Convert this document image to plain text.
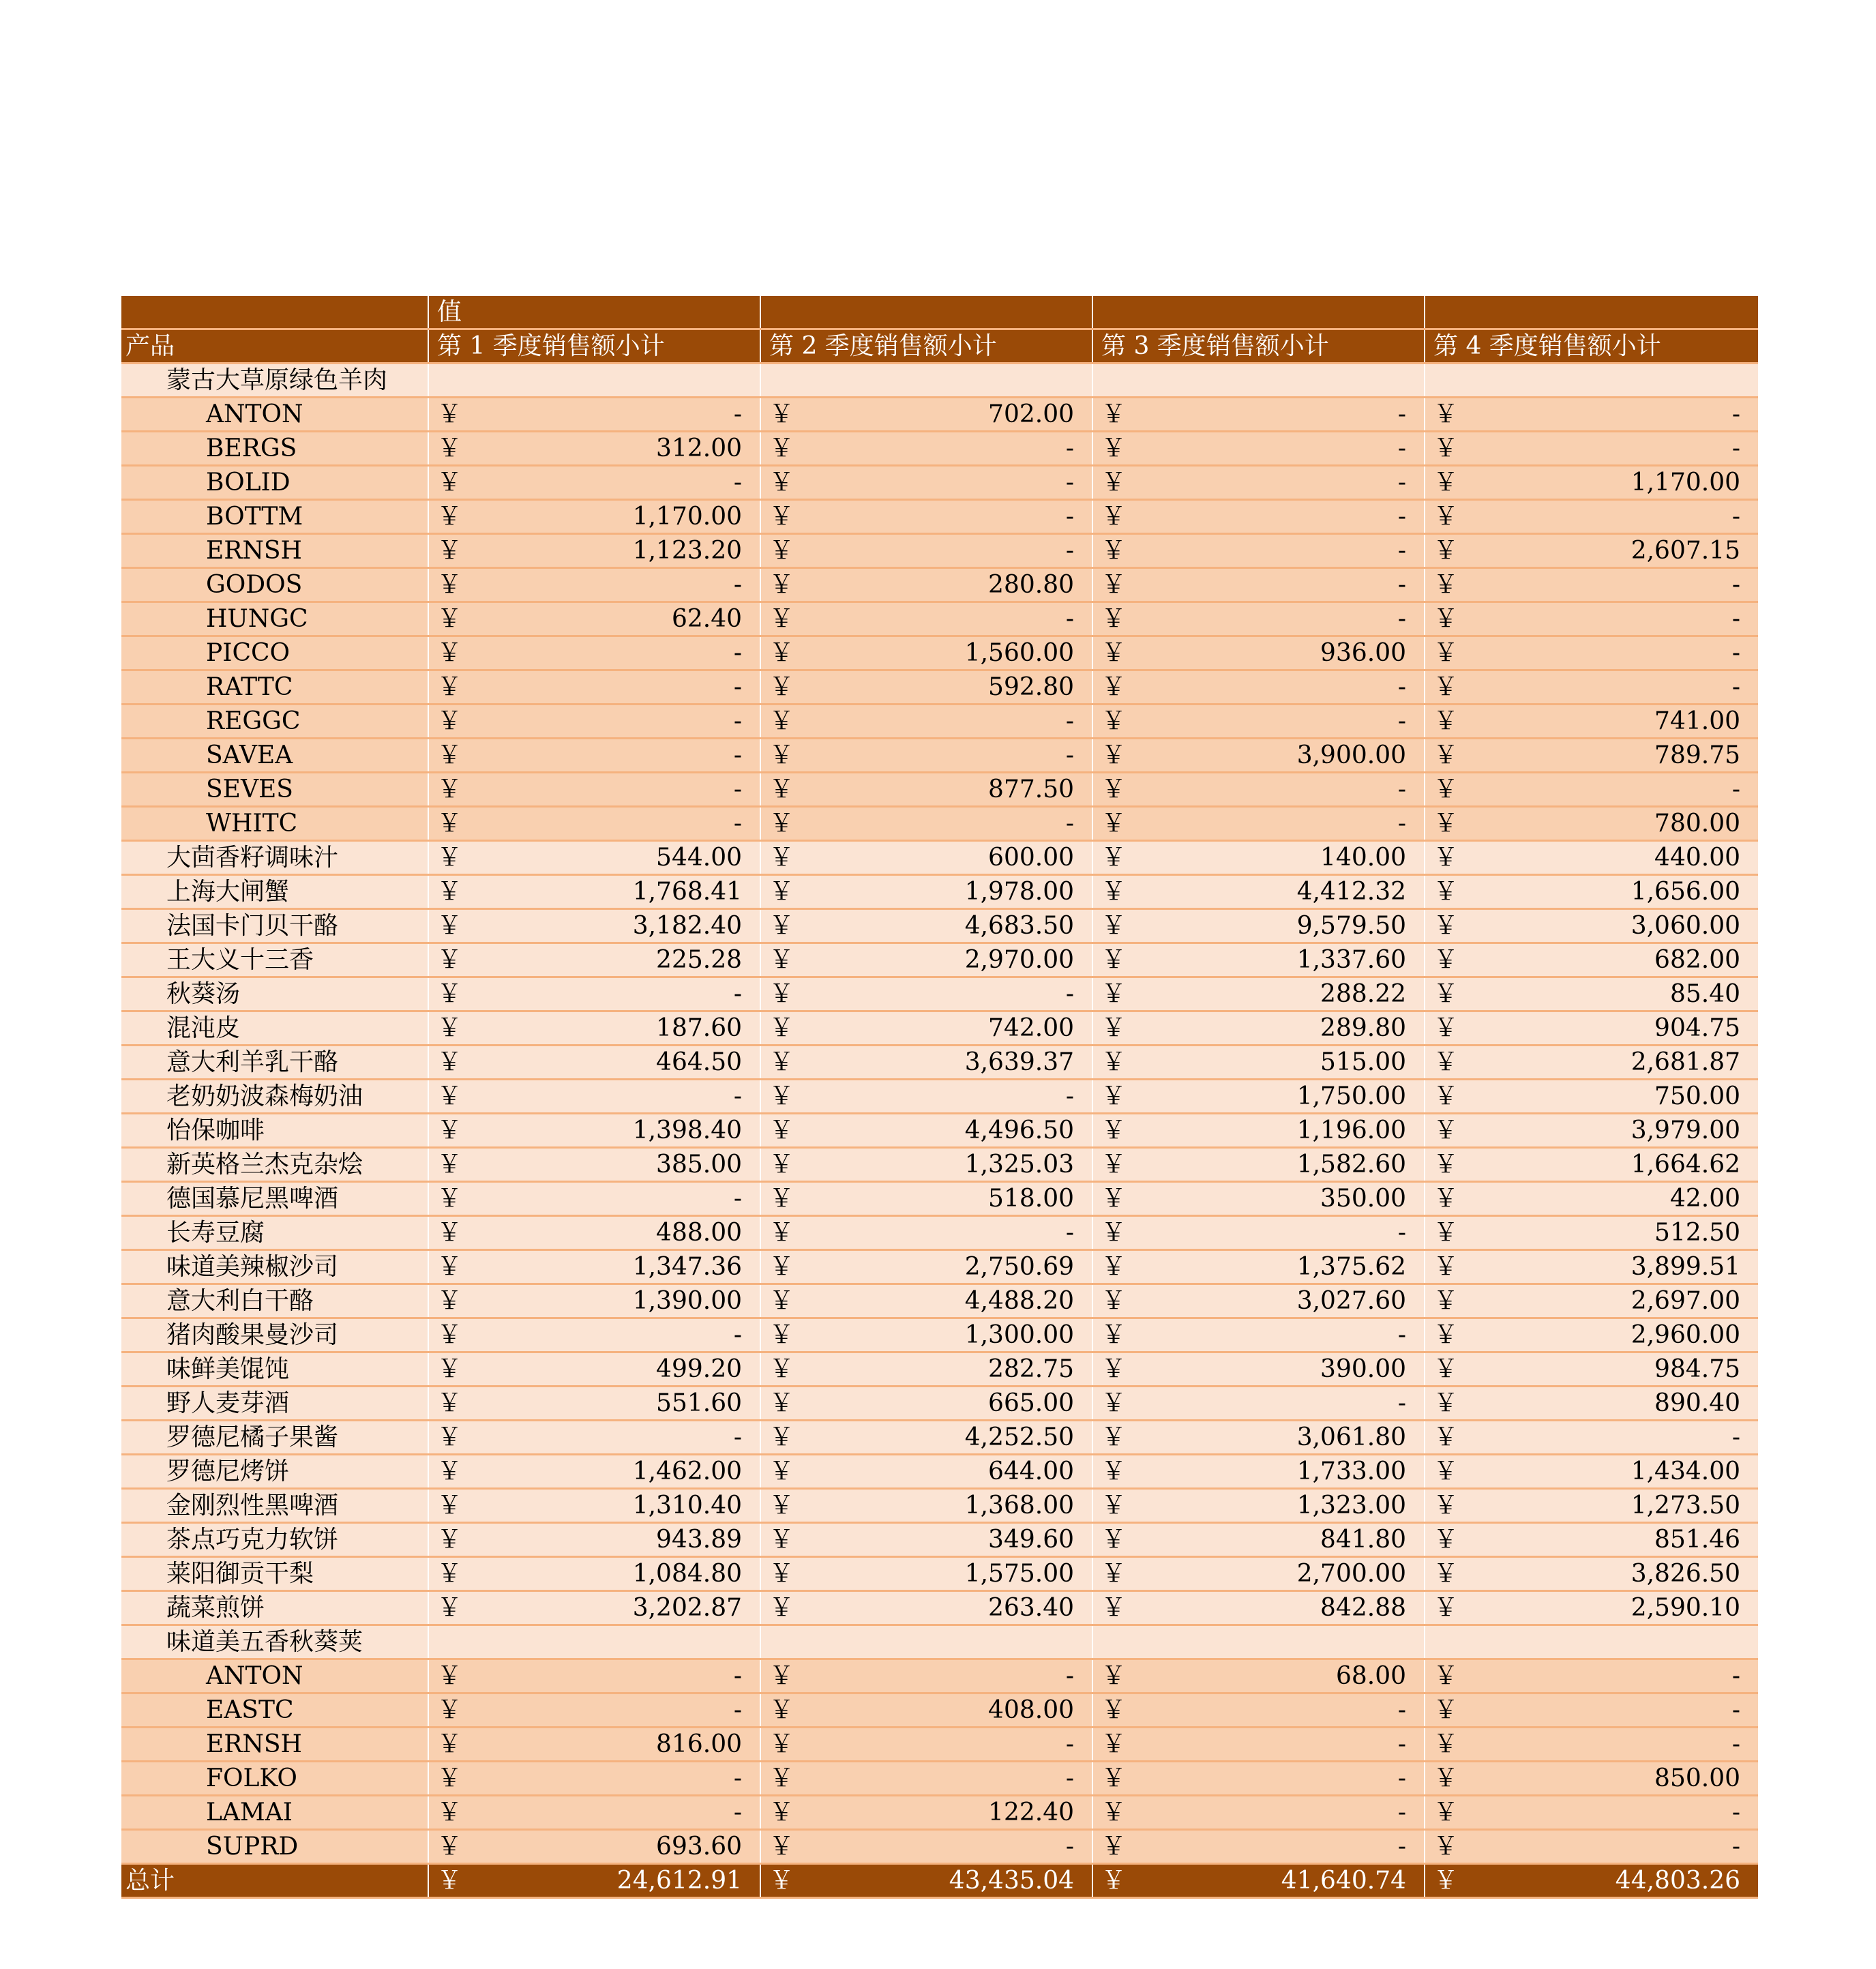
	值							
产品	第 1 季度销售额小计		第 2 季度销售额小计		第 3 季度销售额小计		第 4 季度销售额小计	
蒙古大草原绿色羊肉								
ANTON	￥	-	￥	702.00	￥	-	￥	-
BERGS	￥	312.00	￥	-	￥	-	￥	-
BOLID	￥	-	￥	-	￥	-	￥	1,170.00
BOTTM	￥	1,170.00	￥	-	￥	-	￥	-
ERNSH	￥	1,123.20	￥	-	￥	-	￥	2,607.15
GODOS	￥	-	￥	280.80	￥	-	￥	-
HUNGC	￥	62.40	￥	-	￥	-	￥	-
PICCO	￥	-	￥	1,560.00	￥	936.00	￥	-
RATTC	￥	-	￥	592.80	￥	-	￥	-
REGGC	￥	-	￥	-	￥	-	￥	741.00
SAVEA	￥	-	￥	-	￥	3,900.00	￥	789.75
SEVES	￥	-	￥	877.50	￥	-	￥	-
WHITC	￥	-	￥	-	￥	-	￥	780.00
大茴香籽调味汁	￥	544.00	￥	600.00	￥	140.00	￥	440.00
上海大闸蟹	￥	1,768.41	￥	1,978.00	￥	4,412.32	￥	1,656.00
法国卡门贝干酪	￥	3,182.40	￥	4,683.50	￥	9,579.50	￥	3,060.00
王大义十三香	￥	225.28	￥	2,970.00	￥	1,337.60	￥	682.00
秋葵汤	￥	-	￥	-	￥	288.22	￥	85.40
混沌皮	￥	187.60	￥	742.00	￥	289.80	￥	904.75
意大利羊乳干酪	￥	464.50	￥	3,639.37	￥	515.00	￥	2,681.87
老奶奶波森梅奶油	￥	-	￥	-	￥	1,750.00	￥	750.00
怡保咖啡	￥	1,398.40	￥	4,496.50	￥	1,196.00	￥	3,979.00
新英格兰杰克杂烩	￥	385.00	￥	1,325.03	￥	1,582.60	￥	1,664.62
德国慕尼黑啤酒	￥	-	￥	518.00	￥	350.00	￥	42.00
长寿豆腐	￥	488.00	￥	-	￥	-	￥	512.50
味道美辣椒沙司	￥	1,347.36	￥	2,750.69	￥	1,375.62	￥	3,899.51
意大利白干酪	￥	1,390.00	￥	4,488.20	￥	3,027.60	￥	2,697.00
猪肉酸果曼沙司	￥	-	￥	1,300.00	￥	-	￥	2,960.00
味鲜美馄饨	￥	499.20	￥	282.75	￥	390.00	￥	984.75
野人麦芽酒	￥	551.60	￥	665.00	￥	-	￥	890.40
罗德尼橘子果酱	￥	-	￥	4,252.50	￥	3,061.80	￥	-
罗德尼烤饼	￥	1,462.00	￥	644.00	￥	1,733.00	￥	1,434.00
金刚烈性黑啤酒	￥	1,310.40	￥	1,368.00	￥	1,323.00	￥	1,273.50
茶点巧克力软饼	￥	943.89	￥	349.60	￥	841.80	￥	851.46
莱阳御贡干梨	￥	1,084.80	￥	1,575.00	￥	2,700.00	￥	3,826.50
蔬菜煎饼	￥	3,202.87	￥	263.40	￥	842.88	￥	2,590.10
味道美五香秋葵荚								
ANTON	￥	-	￥	-	￥	68.00	￥	-
EASTC	￥	-	￥	408.00	￥	-	￥	-
ERNSH	￥	816.00	￥	-	￥	-	￥	-
FOLKO	￥	-	￥	-	￥	-	￥	850.00
LAMAI	￥	-	￥	122.40	￥	-	￥	-
SUPRD	￥	693.60	￥	-	￥	-	￥	-
总计	￥	24,612.91	￥	43,435.04	￥	41,640.74	￥	44,803.26
